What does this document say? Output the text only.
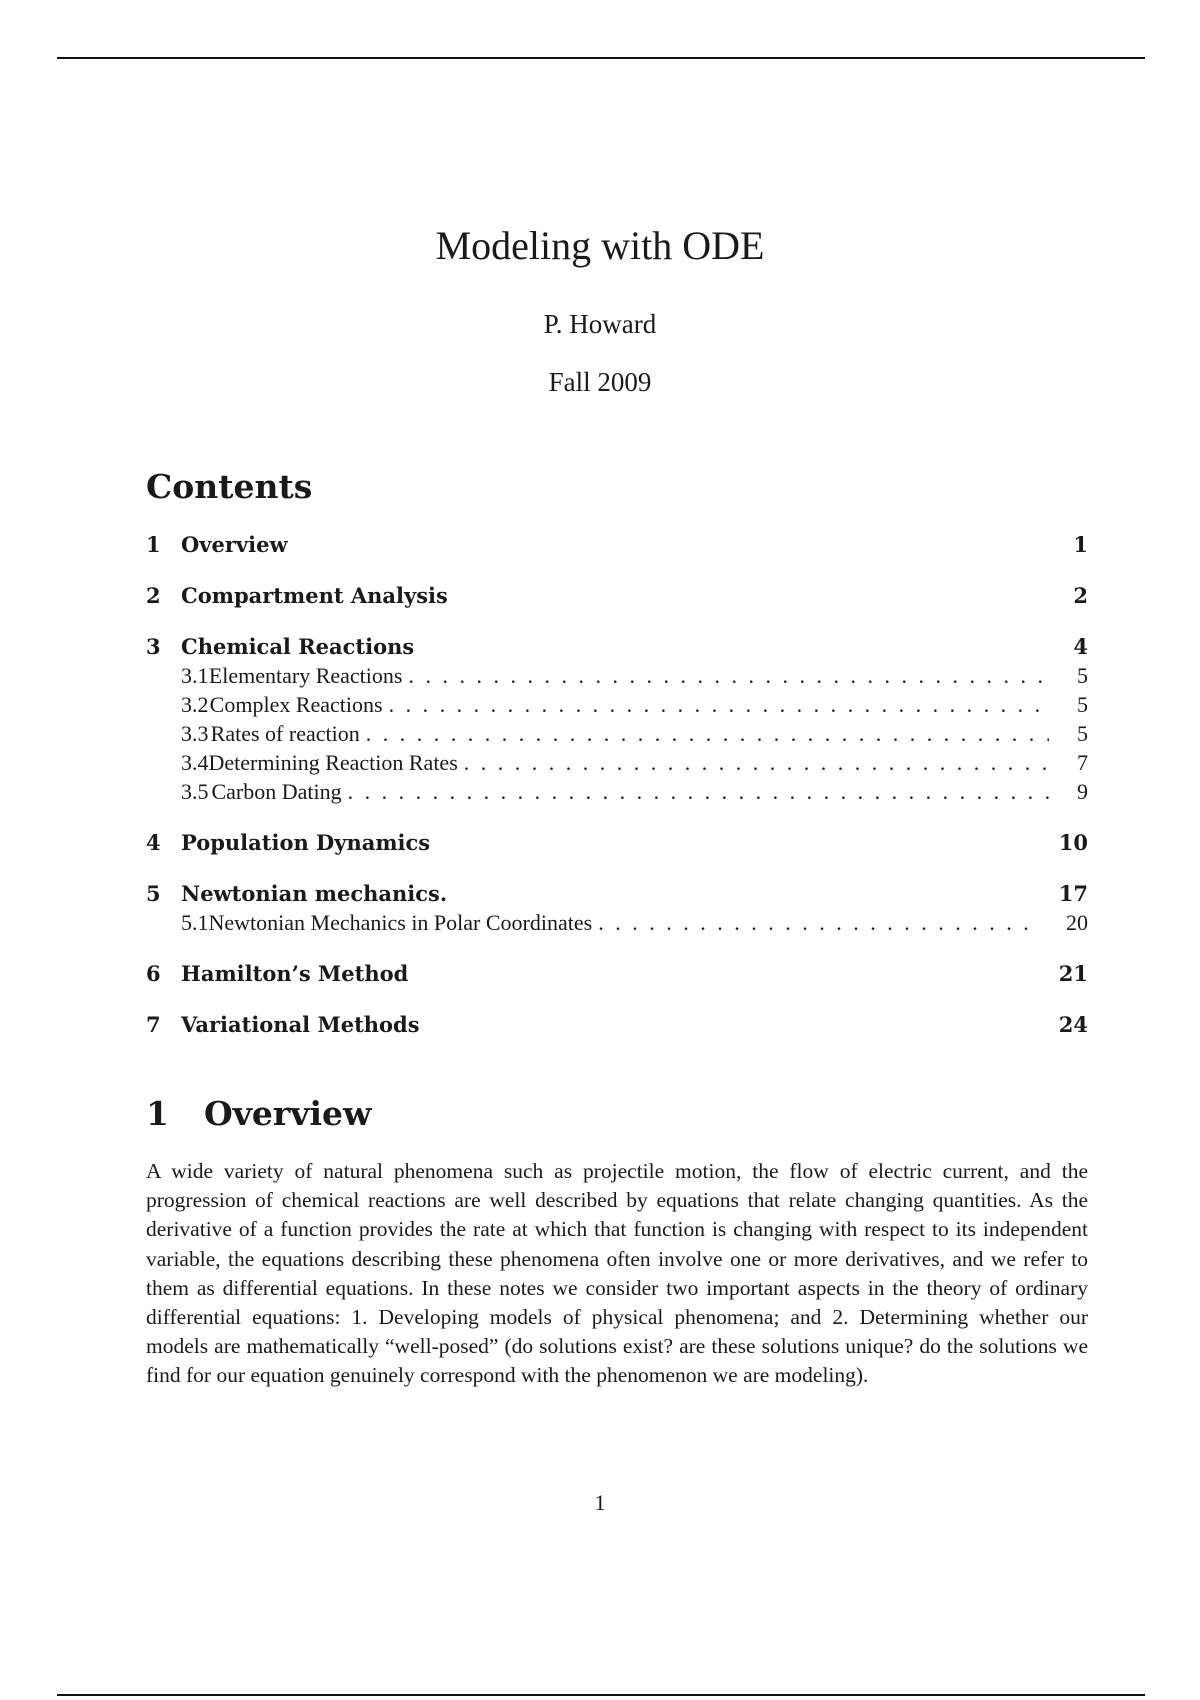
Modeling with ODE
P. Howard
Fall 2009
Contents
1 Overview	1
2 Compartment Analysis	2
3 Chemical Reactions	4
3.1 Elementary Reactions . . .	5
3.2 Complex Reactions . . .	5
3.3 Rates of reaction . . .	5
3.4 Determining Reaction Rates . . .	7
3.5 Carbon Dating . . .	9
4 Population Dynamics	10
5 Newtonian mechanics.	17
5.1 Newtonian Mechanics in Polar Coordinates . . .	20
6 Hamilton’s Method	21
7 Variational Methods	24
1 Overview

A wide variety of natural phenomena such as projectile motion, the flow of electric current, and the progression of chemical reactions are well described by equations that relate changing quantities. As the derivative of a function provides the rate at which that function is changing with respect to its independent variable, the equations describing these phenomena often involve one or more derivatives, and we refer to them as differential equations. In these notes we consider two important aspects in the theory of ordinary differential equations: 1. Developing models of physical phenomena; and 2. Determining whether our models are mathematically “well-posed” (do solutions exist? are these solutions unique? do the solutions we find for our equation genuinely correspond with the phenomenon we are modeling).

1
